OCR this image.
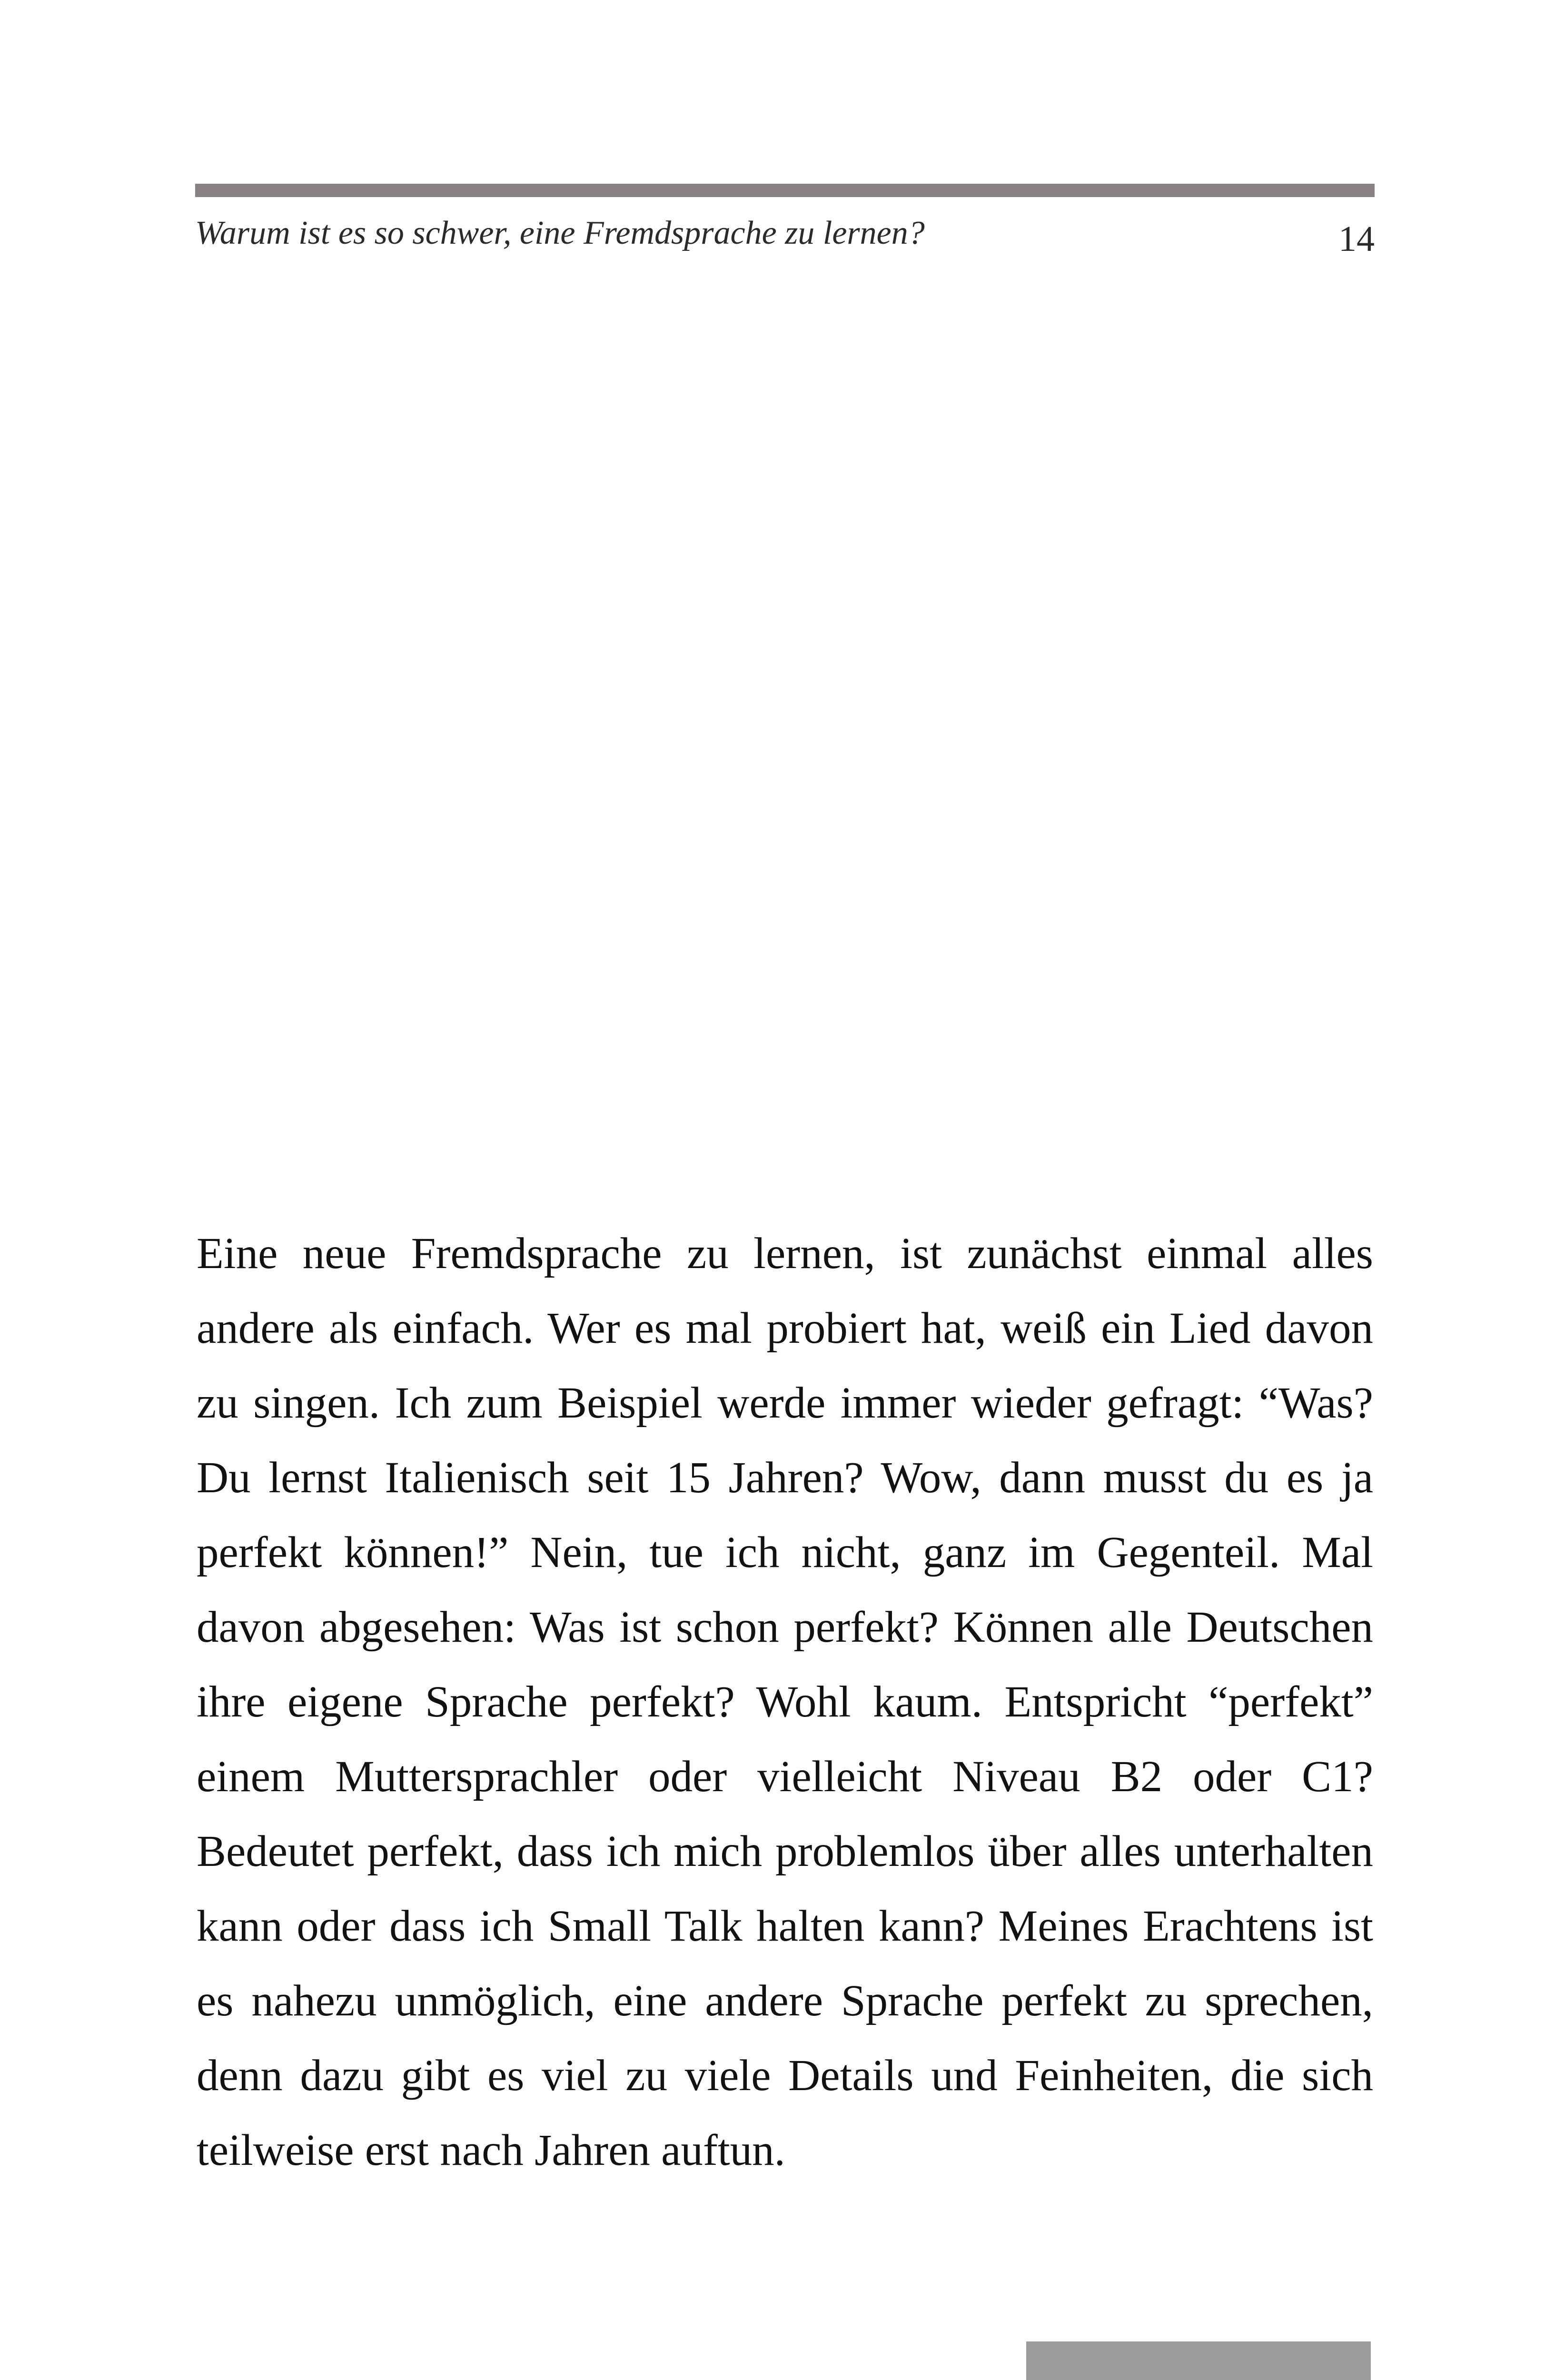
Warum ist es so schwer, eine Fremdsprache zu lernen?	14

Eine neue Fremdsprache zu lernen, ist zunächst einmal alles andere als einfach. Wer es mal probiert hat, weiß ein Lied davon zu singen. Ich zum Beispiel werde immer wieder gefragt: “Was? Du lernst Italienisch seit 15 Jahren? Wow, dann musst du es ja perfekt können!” Nein, tue ich nicht, ganz im Gegenteil. Mal davon abgesehen: Was ist schon perfekt? Können alle Deutschen ihre eigene Sprache perfekt? Wohl kaum. Entspricht “perfekt” einem Muttersprachler oder vielleicht Niveau B2 oder C1? Bedeutet perfekt, dass ich mich problemlos über alles unterhalten kann oder dass ich Small Talk halten kann? Meines Erachtens ist es nahezu unmöglich, eine andere Sprache perfekt zu sprechen, denn dazu gibt es viel zu viele Details und Feinheiten, die sich teilweise erst nach Jahren auftun.
